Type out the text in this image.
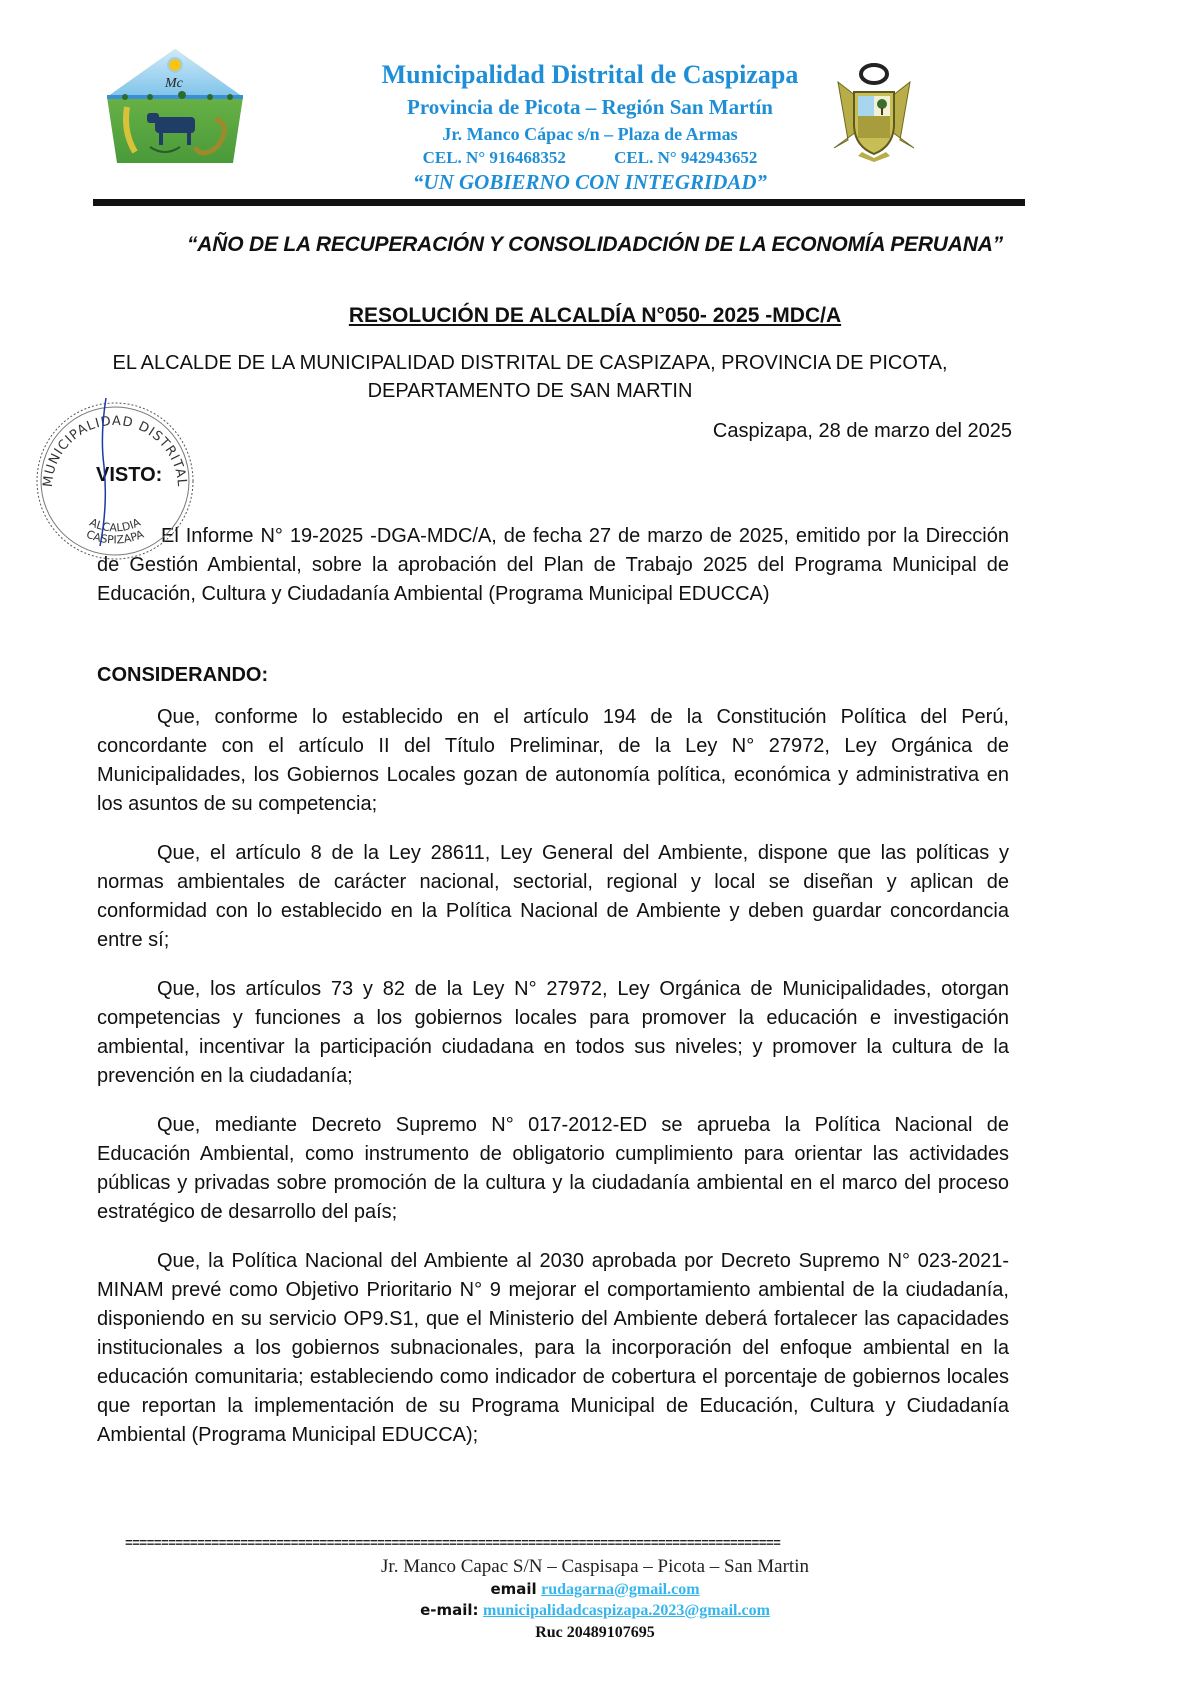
Mc	Municipalidad Distrital de Caspizapa
Provincia de Picota – Región San Martín
Jr. Manco Cápac s/n – Plaza de Armas
CEL. N° 916468352	CEL. N° 942943652
“UN GOBIERNO CON INTEGRIDAD”
“AÑO DE LA RECUPERACIÓN Y CONSOLIDADCIÓN DE LA ECONOMÍA PERUANA”
RESOLUCIÓN DE ALCALDÍA N°050- 2025 -MDC/A
EL ALCALDE DE LA MUNICIPALIDAD DISTRITAL DE CASPIZAPA, PROVINCIA DE PICOTA, DEPARTAMENTO DE SAN MARTIN
Caspizapa, 28 de marzo del 2025
VISTO:

El Informe N° 19-2025 -DGA-MDC/A, de fecha 27 de marzo de 2025, emitido por la Dirección de Gestión Ambiental, sobre la aprobación del Plan de Trabajo 2025 del Programa Municipal de Educación, Cultura y Ciudadanía Ambiental (Programa Municipal EDUCCA)

MUNICIPALIDAD DISTRITAL
ALCALDIA
CASPIZAPA
CONSIDERANDO:

Que, conforme lo establecido en el artículo 194 de la Constitución Política del Perú, concordante con el artículo II del Título Preliminar, de la Ley N° 27972, Ley Orgánica de Municipalidades, los Gobiernos Locales gozan de autonomía política, económica y administrativa en los asuntos de su competencia;

Que, el artículo 8 de la Ley 28611, Ley General del Ambiente, dispone que las políticas y normas ambientales de carácter nacional, sectorial, regional y local se diseñan y aplican de conformidad con lo establecido en la Política Nacional de Ambiente y deben guardar concordancia entre sí;

Que, los artículos 73 y 82 de la Ley N° 27972, Ley Orgánica de Municipalidades, otorgan competencias y funciones a los gobiernos locales para promover la educación e investigación ambiental, incentivar la participación ciudadana en todos sus niveles; y promover la cultura de la prevención en la ciudadanía;

Que, mediante Decreto Supremo N° 017-2012-ED se aprueba la Política Nacional de Educación Ambiental, como instrumento de obligatorio cumplimiento para orientar las actividades públicas y privadas sobre promoción de la cultura y la ciudadanía ambiental en el marco del proceso estratégico de desarrollo del país;

Que, la Política Nacional del Ambiente al 2030 aprobada por Decreto Supremo N° 023-2021-MINAM prevé como Objetivo Prioritario N° 9 mejorar el comportamiento ambiental de la ciudadanía, disponiendo en su servicio OP9.S1, que el Ministerio del Ambiente deberá fortalecer las capacidades institucionales a los gobiernos subnacionales, para la incorporación del enfoque ambiental en la educación comunitaria; estableciendo como indicador de cobertura el porcentaje de gobiernos locales que reportan la implementación de su Programa Municipal de Educación, Cultura y Ciudadanía Ambiental (Programa Municipal EDUCCA);

===========================================================================================
Jr. Manco Capac S/N – Caspisapa – Picota – San Martin
email rudagarna@gmail.com
e-mail: municipalidadcaspizapa.2023@gmail.com
Ruc 20489107695
